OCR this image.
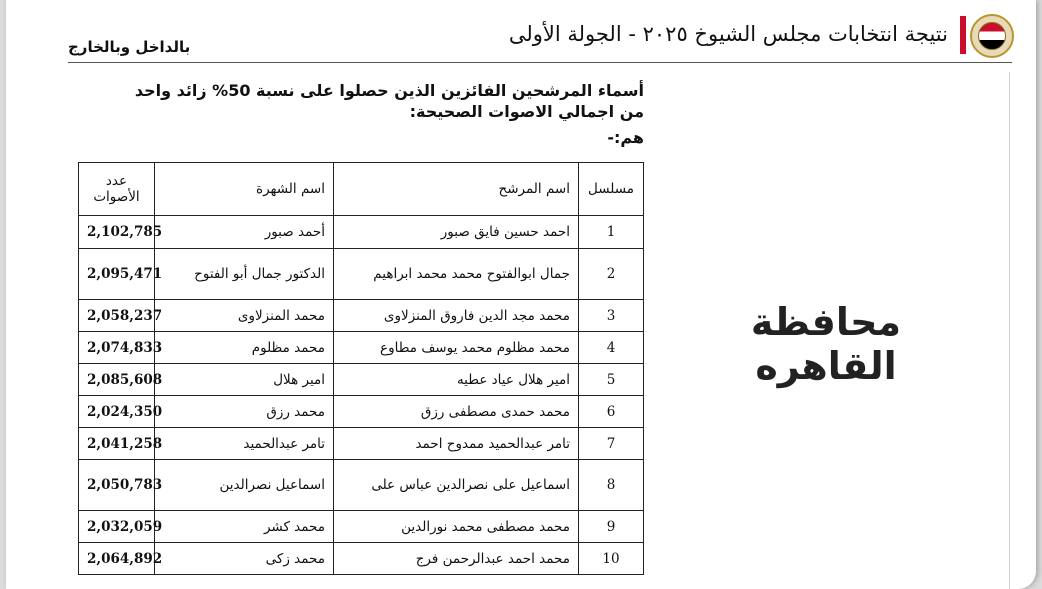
نتيجة انتخابات مجلس الشيوخ ٢٠٢٥ - الجولة الأولى
بالداخل وبالخارج
أسماء المرشحين الفائزين الذين حصلوا على نسبة 50% زائد واحد من اجمالي الاصوات الصحيحة:
هم:-
مسلسل	اسم المرشح	اسم الشهرة	عدد الأصوات
1	احمد حسين فايق صبور	أحمد صبور	2,102,785
2	جمال ابوالفتوح محمد محمد ابراهيم	الدكتور جمال أبو الفتوح	2,095,471
3	محمد مجد الدين فاروق المنزلاوى	محمد المنزلاوى	2,058,237
4	محمد مظلوم محمد يوسف مطاوع	محمد مظلوم	2,074,833
5	امير هلال عياد عطيه	امير هلال	2,085,608
6	محمد حمدى مصطفى رزق	محمد رزق	2,024,350
7	تامر عبدالحميد ممدوح احمد	تامر عبدالحميد	2,041,258
8	اسماعيل على نصرالدين عباس على	اسماعيل نصرالدين	2,050,783
9	محمد مصطفى محمد نورالدين	محمد كشر	2,032,059
10	محمد احمد عبدالرحمن فرج	محمد زكى	2,064,892
محافظة القاهره
